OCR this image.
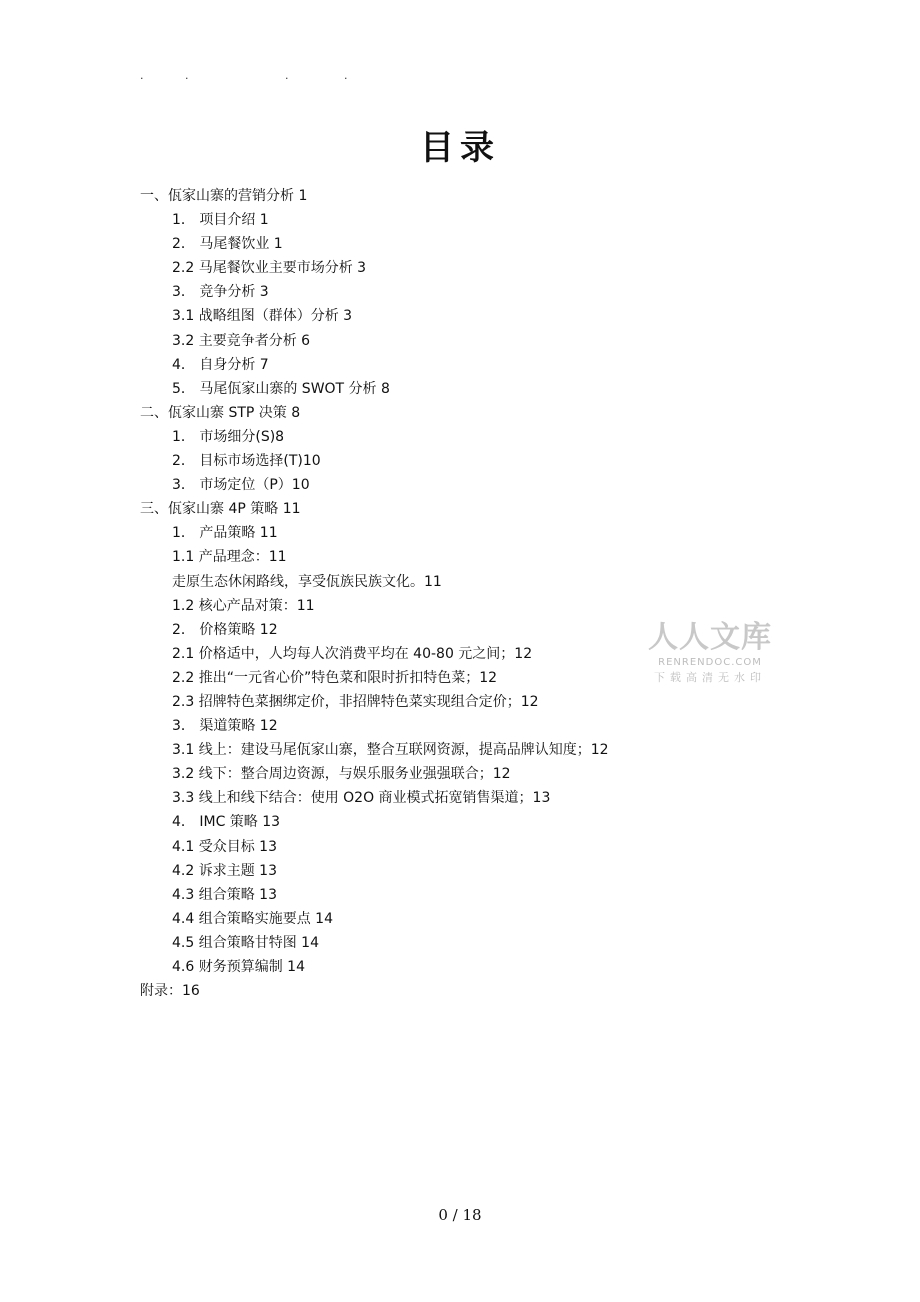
.	.	.	.
目录
一、佤家山寨的营销分析 1
1． 项目介绍 1
2． 马尾餐饮业 1
2.2 马尾餐饮业主要市场分析 3
3． 竞争分析 3
3.1 战略组图（群体）分析 3
3.2 主要竞争者分析 6
4． 自身分析 7
5． 马尾佤家山寨的 SWOT 分析 8
二、佤家山寨 STP 决策 8
1． 市场细分(S)8
2． 目标市场选择(T)10
3． 市场定位（P）10
三、佤家山寨 4P 策略 11
1． 产品策略 11
1.1 产品理念：11
走原生态休闲路线，享受佤族民族文化。11
1.2 核心产品对策：11
2． 价格策略 12
2.1 价格适中，人均每人次消费平均在 40-80 元之间；12
2.2 推出“一元省心价”特色菜和限时折扣特色菜；12
2.3 招牌特色菜捆绑定价，非招牌特色菜实现组合定价；12
3． 渠道策略 12
3.1 线上：建设马尾佤家山寨，整合互联网资源，提高品牌认知度；12
3.2 线下：整合周边资源，与娱乐服务业强强联合；12
3.3 线上和线下结合：使用 O2O 商业模式拓宽销售渠道；13
4． IMC 策略 13
4.1 受众目标 13
4.2 诉求主题 13
4.3 组合策略 13
4.4 组合策略实施要点 14
4.5 组合策略甘特图 14
4.6 财务预算编制 14
附录：16
人人文库
RENRENDOC.COM
下载高清无水印
0 / 18
